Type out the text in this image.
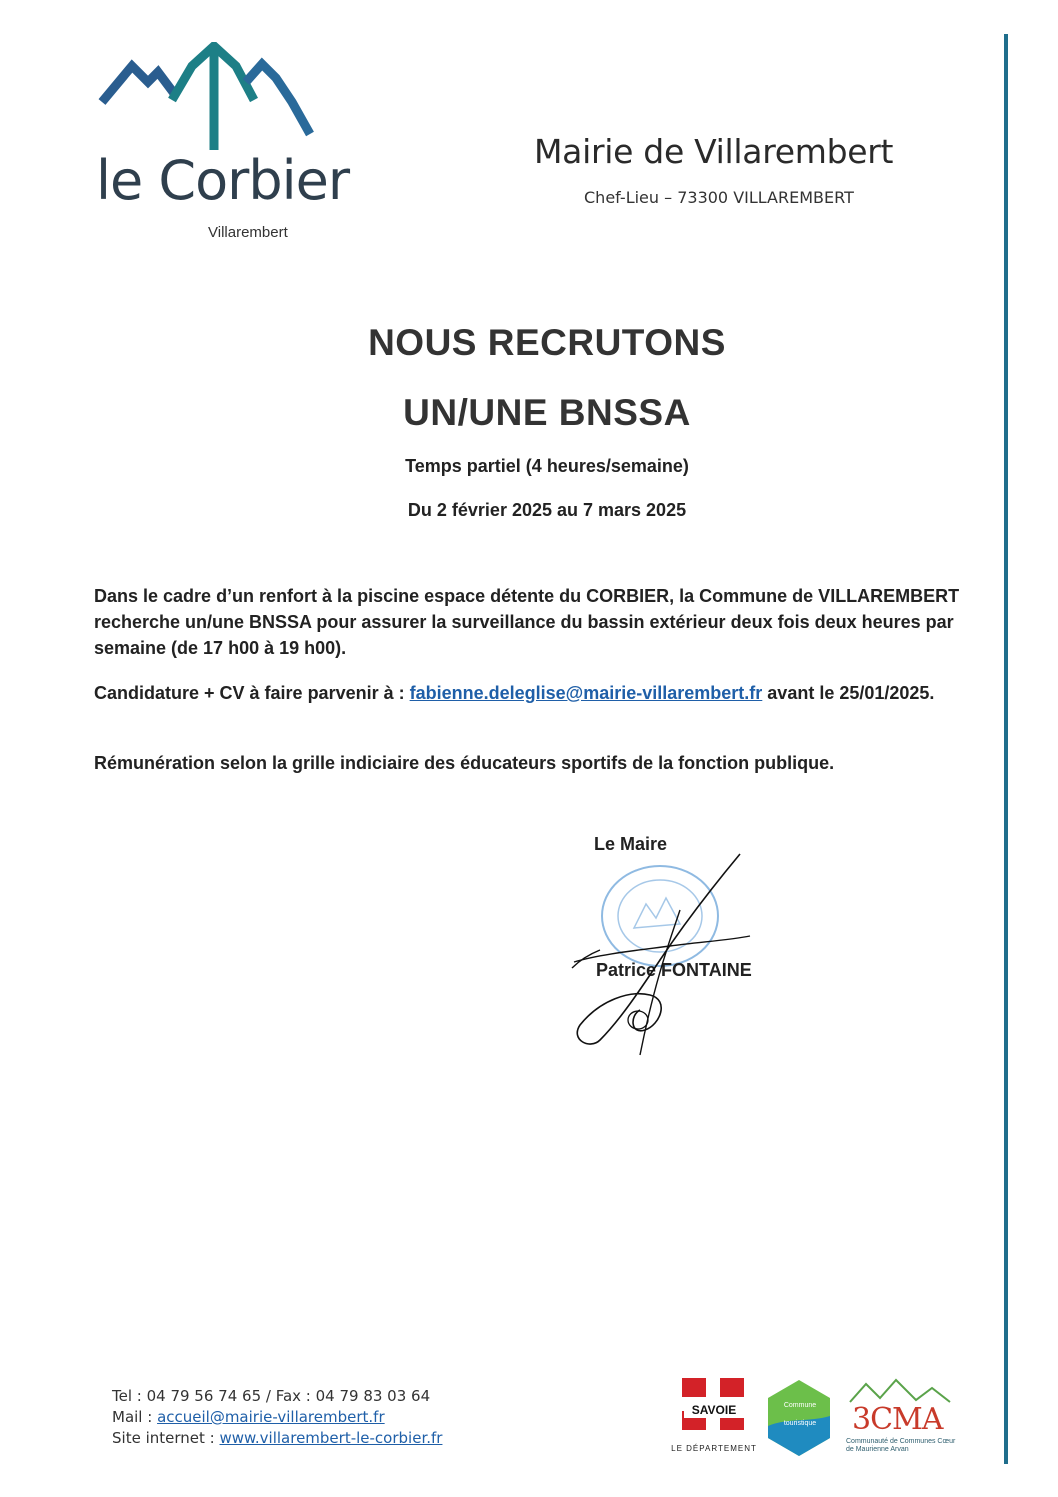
le Corbier
Villarembert
Mairie de Villarembert
Chef-Lieu – 73300 VILLAREMBERT
NOUS RECRUTONS
UN/UNE BNSSA
Temps partiel (4 heures/semaine)
Du 2 février 2025 au 7 mars 2025
Dans le cadre d’un renfort à la piscine espace détente du CORBIER, la Commune de VILLAREMBERT recherche un/une BNSSA pour assurer la surveillance du bassin extérieur deux fois deux heures par semaine (de 17 h00 à 19 h00).
Candidature + CV à faire parvenir à : fabienne.deleglise@mairie-villarembert.fr avant le 25/01/2025.
Rémunération selon la grille indiciaire des éducateurs sportifs de la fonction publique.
Le Maire
Patrice FONTAINE
Tel : 04 79 56 74 65 / Fax : 04 79 83 03 64
Mail : accueil@mairie-villarembert.fr
Site internet : www.villarembert-le-corbier.fr
SAVOIE
LE DÉPARTEMENT
Commune
touristique	3CMA
Communauté de Communes Cœur de Maurienne Arvan
